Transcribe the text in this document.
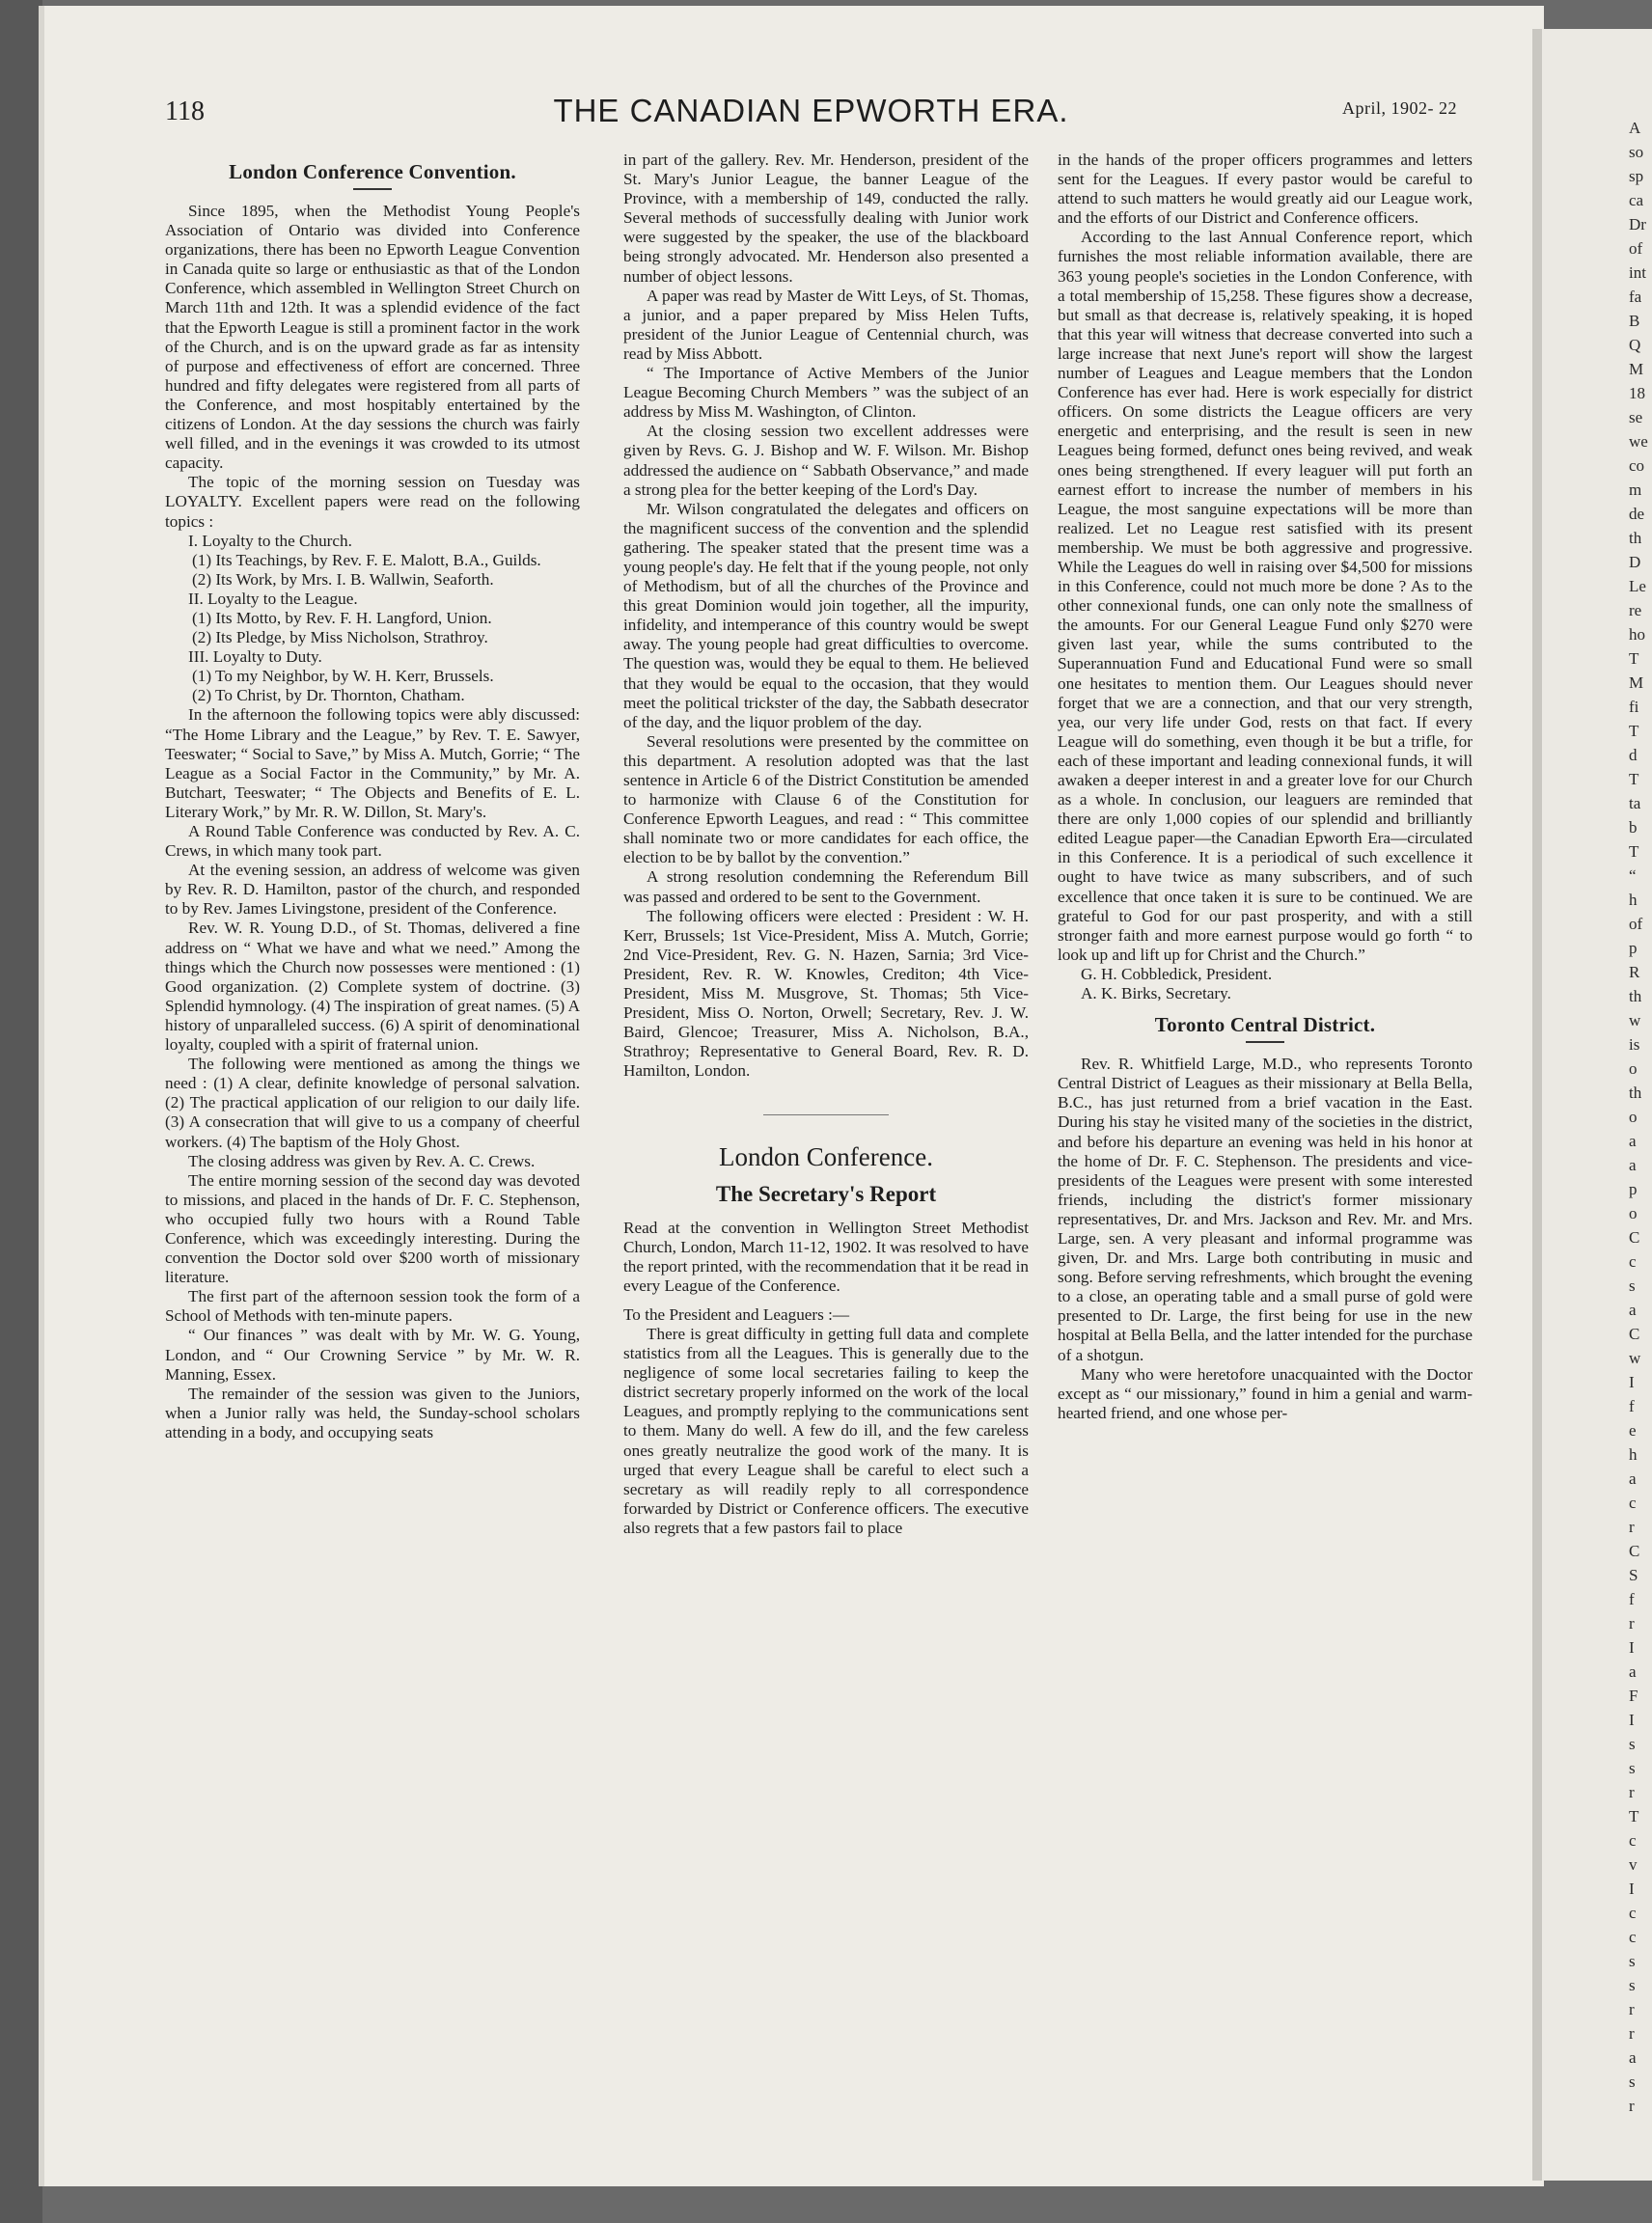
118	THE CANADIAN EPWORTH ERA.	April, 1902- 22
London Conference Convention.

Since 1895, when the Methodist Young People's Association of Ontario was divided into Conference organizations, there has been no Epworth League Convention in Canada quite so large or enthusiastic as that of the London Conference, which assembled in Wellington Street Church on March 11th and 12th. It was a splendid evidence of the fact that the Epworth League is still a prominent factor in the work of the Church, and is on the upward grade as far as intensity of purpose and effectiveness of effort are concerned. Three hundred and fifty delegates were registered from all parts of the Conference, and most hospitably entertained by the citizens of London. At the day sessions the church was fairly well filled, and in the evenings it was crowded to its utmost capacity.

The topic of the morning session on Tuesday was LOYALTY. Excellent papers were read on the following topics :

I. Loyalty to the Church.

(1) Its Teachings, by Rev. F. E. Malott, B.A., Guilds.

(2) Its Work, by Mrs. I. B. Wallwin, Seaforth.

II. Loyalty to the League.

(1) Its Motto, by Rev. F. H. Langford, Union.

(2) Its Pledge, by Miss Nicholson, Strathroy.

III. Loyalty to Duty.

(1) To my Neighbor, by W. H. Kerr, Brussels.

(2) To Christ, by Dr. Thornton, Chatham.

In the afternoon the following topics were ably discussed: “The Home Library and the League,” by Rev. T. E. Sawyer, Teeswater; “ Social to Save,” by Miss A. Mutch, Gorrie; “ The League as a Social Factor in the Community,” by Mr. A. Butchart, Teeswater; “ The Objects and Benefits of E. L. Literary Work,” by Mr. R. W. Dillon, St. Mary's.

A Round Table Conference was conducted by Rev. A. C. Crews, in which many took part.

At the evening session, an address of welcome was given by Rev. R. D. Hamilton, pastor of the church, and responded to by Rev. James Livingstone, president of the Conference.

Rev. W. R. Young D.D., of St. Thomas, delivered a fine address on “ What we have and what we need.” Among the things which the Church now possesses were mentioned : (1) Good organization. (2) Complete system of doctrine. (3) Splendid hymnology. (4) The inspiration of great names. (5) A history of unparalleled success. (6) A spirit of denominational loyalty, coupled with a spirit of fraternal union.

The following were mentioned as among the things we need : (1) A clear, definite knowledge of personal salvation. (2) The practical application of our religion to our daily life. (3) A consecration that will give to us a company of cheerful workers. (4) The baptism of the Holy Ghost.

The closing address was given by Rev. A. C. Crews.

The entire morning session of the second day was devoted to missions, and placed in the hands of Dr. F. C. Stephenson, who occupied fully two hours with a Round Table Conference, which was exceedingly interesting. During the convention the Doctor sold over $200 worth of missionary literature.

The first part of the afternoon session took the form of a School of Methods with ten-minute papers.

“ Our finances ” was dealt with by Mr. W. G. Young, London, and “ Our Crowning Service ” by Mr. W. R. Manning, Essex.

The remainder of the session was given to the Juniors, when a Junior rally was held, the Sunday-school scholars attending in a body, and occupying seats

in part of the gallery. Rev. Mr. Henderson, president of the St. Mary's Junior League, the banner League of the Province, with a membership of 149, conducted the rally. Several methods of successfully dealing with Junior work were suggested by the speaker, the use of the blackboard being strongly advocated. Mr. Henderson also presented a number of object lessons.

A paper was read by Master de Witt Leys, of St. Thomas, a junior, and a paper prepared by Miss Helen Tufts, president of the Junior League of Centennial church, was read by Miss Abbott.

“ The Importance of Active Members of the Junior League Becoming Church Members ” was the subject of an address by Miss M. Washington, of Clinton.

At the closing session two excellent addresses were given by Revs. G. J. Bishop and W. F. Wilson. Mr. Bishop addressed the audience on “ Sabbath Observance,” and made a strong plea for the better keeping of the Lord's Day.

Mr. Wilson congratulated the delegates and officers on the magnificent success of the convention and the splendid gathering. The speaker stated that the present time was a young people's day. He felt that if the young people, not only of Methodism, but of all the churches of the Province and this great Dominion would join together, all the impurity, infidelity, and intemperance of this country would be swept away. The young people had great difficulties to overcome. The question was, would they be equal to them. He believed that they would be equal to the occasion, that they would meet the political trickster of the day, the Sabbath desecrator of the day, and the liquor problem of the day.

Several resolutions were presented by the committee on this department. A resolution adopted was that the last sentence in Article 6 of the District Constitution be amended to harmonize with Clause 6 of the Constitution for Conference Epworth Leagues, and read : “ This committee shall nominate two or more candidates for each office, the election to be by ballot by the convention.”

A strong resolution condemning the Referendum Bill was passed and ordered to be sent to the Government.

The following officers were elected : President : W. H. Kerr, Brussels; 1st Vice-President, Miss A. Mutch, Gorrie; 2nd Vice-President, Rev. G. N. Hazen, Sarnia; 3rd Vice-President, Rev. R. W. Knowles, Crediton; 4th Vice-President, Miss M. Musgrove, St. Thomas; 5th Vice-President, Miss O. Norton, Orwell; Secretary, Rev. J. W. Baird, Glencoe; Treasurer, Miss A. Nicholson, B.A., Strathroy; Representative to General Board, Rev. R. D. Hamilton, London.

London Conference.
The Secretary's Report

Read at the convention in Wellington Street Methodist Church, London, March 11-12, 1902. It was resolved to have the report printed, with the recommendation that it be read in every League of the Conference.

To the President and Leaguers :—

There is great difficulty in getting full data and complete statistics from all the Leagues. This is generally due to the negligence of some local secretaries failing to keep the district secretary properly informed on the work of the local Leagues, and promptly replying to the communications sent to them. Many do well. A few do ill, and the few careless ones greatly neutralize the good work of the many. It is urged that every League shall be careful to elect such a secretary as will readily reply to all correspondence forwarded by District or Conference officers. The executive also regrets that a few pastors fail to place

in the hands of the proper officers programmes and letters sent for the Leagues. If every pastor would be careful to attend to such matters he would greatly aid our League work, and the efforts of our District and Conference officers.

According to the last Annual Conference report, which furnishes the most reliable information available, there are 363 young people's societies in the London Conference, with a total membership of 15,258. These figures show a decrease, but small as that decrease is, relatively speaking, it is hoped that this year will witness that decrease converted into such a large increase that next June's report will show the largest number of Leagues and League members that the London Conference has ever had. Here is work especially for district officers. On some districts the League officers are very energetic and enterprising, and the result is seen in new Leagues being formed, defunct ones being revived, and weak ones being strengthened. If every leaguer will put forth an earnest effort to increase the number of members in his League, the most sanguine expectations will be more than realized. Let no League rest satisfied with its present membership. We must be both aggressive and progressive. While the Leagues do well in raising over $4,500 for missions in this Conference, could not much more be done ? As to the other connexional funds, one can only note the smallness of the amounts. For our General League Fund only $270 were given last year, while the sums contributed to the Superannuation Fund and Educational Fund were so small one hesitates to mention them. Our Leagues should never forget that we are a connection, and that our very strength, yea, our very life under God, rests on that fact. If every League will do something, even though it be but a trifle, for each of these important and leading connexional funds, it will awaken a deeper interest in and a greater love for our Church as a whole. In conclusion, our leaguers are reminded that there are only 1,000 copies of our splendid and brilliantly edited League paper—the Canadian Epworth Era—circulated in this Conference. It is a periodical of such excellence it ought to have twice as many subscribers, and of such excellence that once taken it is sure to be continued. We are grateful to God for our past prosperity, and with a still stronger faith and more earnest purpose would go forth “ to look up and lift up for Christ and the Church.”

G. H. Cobbledick, President.

A. K. Birks, Secretary.

Toronto Central District.

Rev. R. Whitfield Large, M.D., who represents Toronto Central District of Leagues as their missionary at Bella Bella, B.C., has just returned from a brief vacation in the East. During his stay he visited many of the societies in the district, and before his departure an evening was held in his honor at the home of Dr. F. C. Stephenson. The presidents and vice-presidents of the Leagues were present with some interested friends, including the district's former missionary representatives, Dr. and Mrs. Jackson and Rev. Mr. and Mrs. Large, sen. A very pleasant and informal programme was given, Dr. and Mrs. Large both contributing in music and song. Before serving refreshments, which brought the evening to a close, an operating table and a small purse of gold were presented to Dr. Large, the first being for use in the new hospital at Bella Bella, and the latter intended for the purchase of a shotgun.

Many who were heretofore unacquainted with the Doctor except as “ our missionary,” found in him a genial and warm-hearted friend, and one whose per-

A
so
sp
ca
Dr
of
int
fa
B
Q
M
18
se
we
co
m
de
th
D
Le
re
ho
T
M
fi
T
d
T
ta
b
T
“
h
of
p
R
th
w
is
o
th
o
a
a
p
o
C
c
s
a
C
w
I
f
e
h
a
c
r
C
S
f
r
I
a
F
I
s
s
r
T
c
v
I
c
c
s
s
r
r
a
s
r
